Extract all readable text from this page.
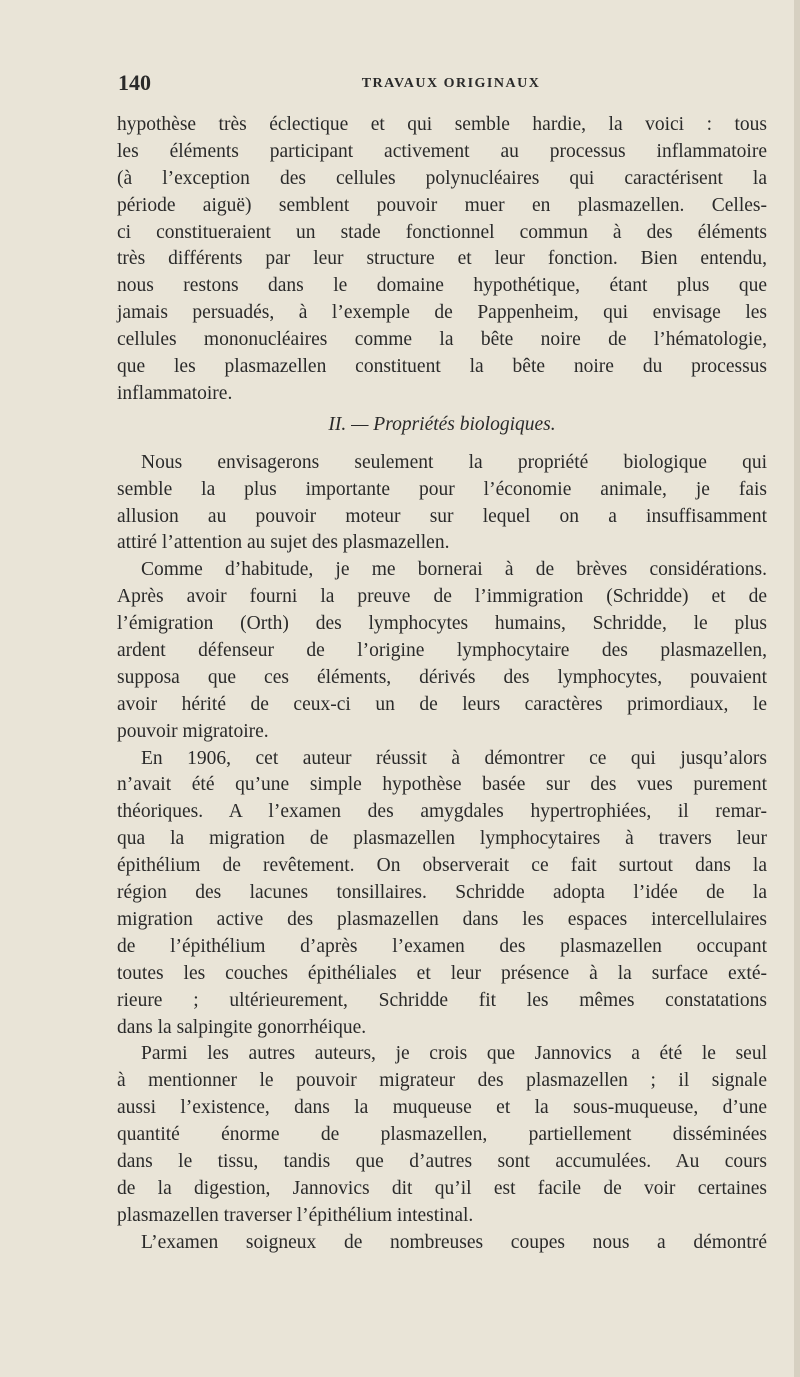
140	TRAVAUX ORIGINAUX
hypothèse très éclectique et qui semble hardie, la voici : tous
les éléments participant activement au processus inflammatoire
(à l’exception des cellules polynucléaires qui caractérisent la
période aiguë) semblent pouvoir muer en plasmazellen. Celles-
ci constitueraient un stade fonctionnel commun à des éléments
très différents par leur structure et leur fonction. Bien entendu,
nous restons dans le domaine hypothétique, étant plus que
jamais persuadés, à l’exemple de Pappenheim, qui envisage les
cellules mononucléaires comme la bête noire de l’hématologie,
que les plasmazellen constituent la bête noire du processus
inflammatoire.
II. — Propriétés biologiques.
Nous envisagerons seulement la propriété biologique qui
semble la plus importante pour l’économie animale, je fais
allusion au pouvoir moteur sur lequel on a insuffisamment
attiré l’attention au sujet des plasmazellen.
Comme d’habitude, je me bornerai à de brèves considérations.
Après avoir fourni la preuve de l’immigration (Schridde) et de
l’émigration (Orth) des lymphocytes humains, Schridde, le plus
ardent défenseur de l’origine lymphocytaire des plasmazellen,
supposa que ces éléments, dérivés des lymphocytes, pouvaient
avoir hérité de ceux-ci un de leurs caractères primordiaux, le
pouvoir migratoire.
En 1906, cet auteur réussit à démontrer ce qui jusqu’alors
n’avait été qu’une simple hypothèse basée sur des vues purement
théoriques. A l’examen des amygdales hypertrophiées, il remar-
qua la migration de plasmazellen lymphocytaires à travers leur
épithélium de revêtement. On observerait ce fait surtout dans la
région des lacunes tonsillaires. Schridde adopta l’idée de la
migration active des plasmazellen dans les espaces intercellulaires
de l’épithélium d’après l’examen des plasmazellen occupant
toutes les couches épithéliales et leur présence à la surface exté-
rieure ; ultérieurement, Schridde fit les mêmes constatations
dans la salpingite gonorrhéique.
Parmi les autres auteurs, je crois que Jannovics a été le seul
à mentionner le pouvoir migrateur des plasmazellen ; il signale
aussi l’existence, dans la muqueuse et la sous-muqueuse, d’une
quantité énorme de plasmazellen, partiellement disséminées
dans le tissu, tandis que d’autres sont accumulées. Au cours
de la digestion, Jannovics dit qu’il est facile de voir certaines
plasmazellen traverser l’épithélium intestinal.
L’examen soigneux de nombreuses coupes nous a démontré
